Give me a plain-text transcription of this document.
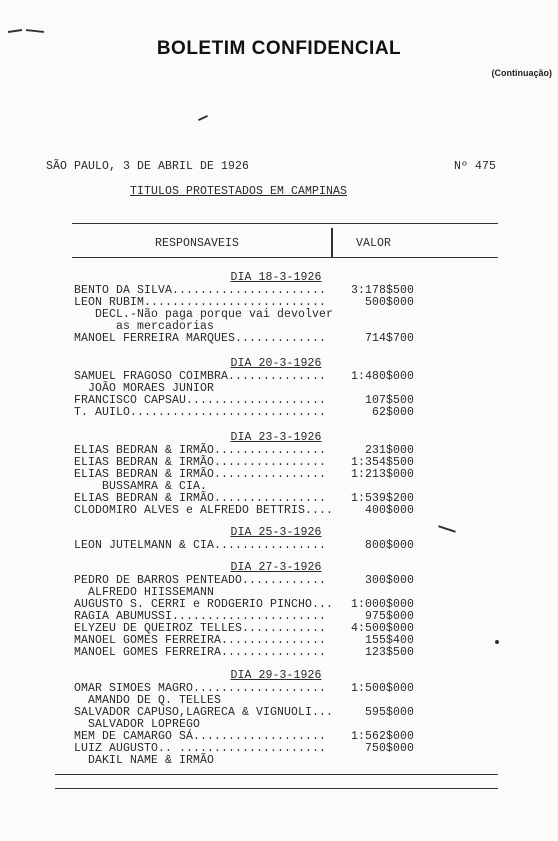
BOLETIM CONFIDENCIAL
(Continuação)
SÃO PAULO, 3 DE ABRIL DE 1926	Nº 475
TITULOS PROTESTADOS EM CAMPINAS
RESPONSAVEIS	VALOR
DIA 18-3-1926
BENTO DA SILVA...................... 3:178$500
LEON RUBIM..........................	500$000
DECL.-Não paga porque vai devolver
as mercadorias
MANOEL FERREIRA MARQUES.............	714$700
DIA 20-3-1926
SAMUEL FRAGOSO COIMBRA.............. 1:480$000
JOÃO MORAES JUNIOR
FRANCISCO CAPSAU....................	107$500
T. AUILO............................	62$000
DIA 23-3-1926
ELIAS BEDRAN & IRMÃO................	231$000
ELIAS BEDRAN & IRMÃO................ 1:354$500
ELIAS BEDRAN & IRMÃO................ 1:213$000
BUSSAMRA & CIA.
ELIAS BEDRAN & IRMÃO................ 1:539$200
CLODOMIRO ALVES e ALFREDO BETTRIS....	400$000
DIA 25-3-1926
LEON JUTELMANN & CIA................	800$000
DIA 27-3-1926
PEDRO DE BARROS PENTEADO............	300$000
ALFREDO HIISSEMANN
AUGUSTO S. CERRI e RODGERIO PINCHO... 1:000$000
RAGIA ABUMUSSI......................	975$000
ELYZEU DE QUEIROZ TELLES............ 4:500$000
MANOEL GOMES FERREIRA...............	155$400
MANOEL GOMES FERREIRA...............	123$500
DIA 29-3-1926
OMAR SIMOES MAGRO................... 1:500$000
AMANDO DE Q. TELLES
SALVADOR CAPUSO,LAGRECA & VIGNUOLI...	595$000
SALVADOR LOPREGO
MEM DE CAMARGO SÁ................... 1:562$000
LUIZ AUGUSTO.. .....................	750$000
DAKIL NAME & IRMÃO
